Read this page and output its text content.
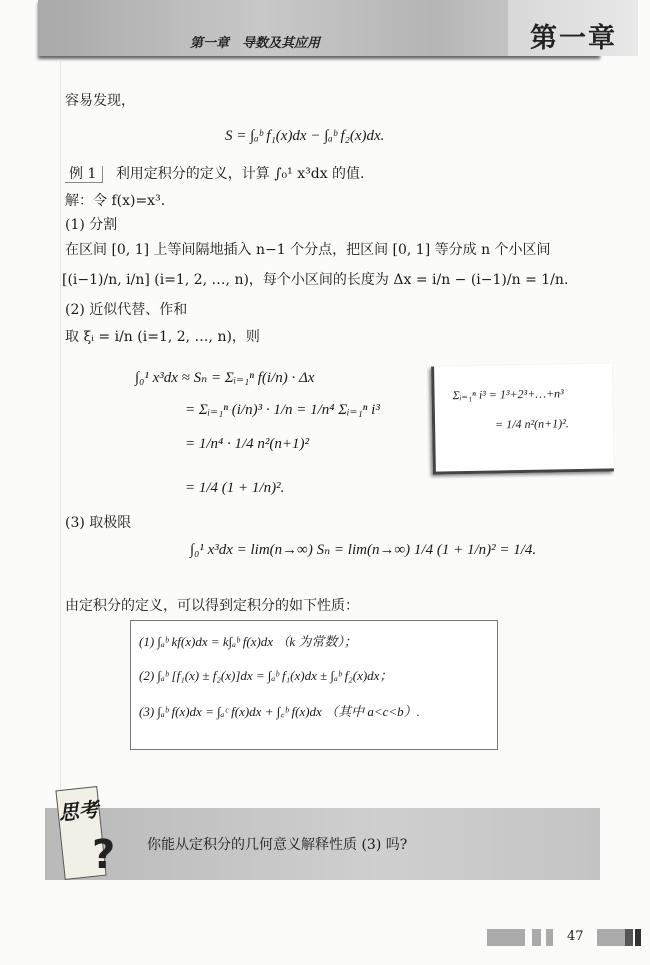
第一章
第一章　导数及其应用
容易发现，
S = ∫ₐᵇ f₁(x)dx − ∫ₐᵇ f₂(x)dx.
例 1 利用定积分的定义，计算 ∫₀¹ x³dx 的值.
解：令 f(x)=x³.
(1) 分割
在区间 [0, 1] 上等间隔地插入 n−1 个分点，把区间 [0, 1] 等分成 n 个小区间
[(i−1)/n, i/n] (i=1, 2, …, n)，每个小区间的长度为 Δx = i/n − (i−1)/n = 1/n.
(2) 近似代替、作和
取 ξᵢ = i/n (i=1, 2, …, n)，则
∫₀¹ x³dx ≈ Sₙ = Σᵢ₌₁ⁿ f(i/n) · Δx
= Σᵢ₌₁ⁿ (i/n)³ · 1/n = 1/n⁴ Σᵢ₌₁ⁿ i³
= 1/n⁴ · 1/4 n²(n+1)²
= 1/4 (1 + 1/n)².
Σᵢ₌₁ⁿ i³ = 1³+2³+…+n³
= 1/4 n²(n+1)².
(3) 取极限
∫₀¹ x³dx = lim(n→∞) Sₙ = lim(n→∞) 1/4 (1 + 1/n)² = 1/4.
由定积分的定义，可以得到定积分的如下性质：
(1) ∫ₐᵇ kf(x)dx = k∫ₐᵇ f(x)dx （k 为常数）；
(2) ∫ₐᵇ [f₁(x) ± f₂(x)]dx = ∫ₐᵇ f₁(x)dx ± ∫ₐᵇ f₂(x)dx；
(3) ∫ₐᵇ f(x)dx = ∫ₐᶜ f(x)dx + ∫꜀ᵇ f(x)dx （其中 a<c<b）.
思考
? 你能从定积分的几何意义解释性质 (3) 吗?
47
